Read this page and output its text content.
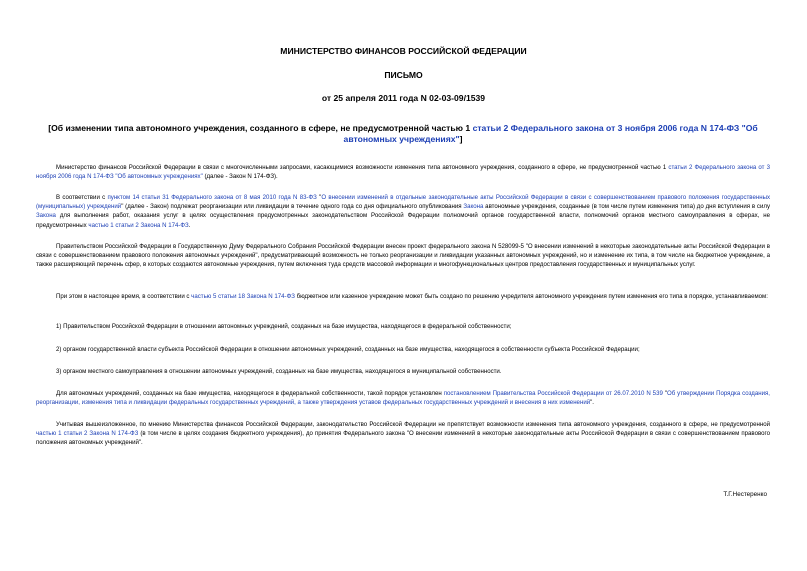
МИНИСТЕРСТВО ФИНАНСОВ РОССИЙСКОЙ ФЕДЕРАЦИИ
ПИСЬМО
от 25 апреля 2011 года N 02-03-09/1539
[Об изменении типа автономного учреждения, созданного в сфере, не предусмотренной частью 1 статьи 2 Федерального закона от 3 ноября 2006 года N 174-ФЗ "Об автономных учреждениях"]
Министерство финансов Российской Федерации в связи с многочисленными запросами, касающимися возможности изменения типа автономного учреждения, созданного в сфере, не предусмотренной частью 1 статьи 2 Федерального закона от 3 ноября 2006 года N 174-ФЗ "Об автономных учреждениях" (далее - Закон N 174-ФЗ).
В соответствии с пунктом 14 статьи 31 Федерального закона от 8 мая 2010 года N 83-ФЗ "О внесении изменений в отдельные законодательные акты Российской Федерации в связи с совершенствованием правового положения государственных (муниципальных) учреждений" (далее - Закон) подлежат реорганизации или ликвидации в течение одного года со дня официального опубликования Закона автономные учреждения, созданные (в том числе путем изменения типа) до дня вступления в силу Закона для выполнения работ, оказания услуг в целях осуществления предусмотренных законодательством Российской Федерации полномочий органов государственной власти, полномочий органов местного самоуправления в сферах, не предусмотренных частью 1 статьи 2 Закона N 174-ФЗ.
Правительством Российской Федерации в Государственную Думу Федерального Собрания Российской Федерации внесен проект федерального закона N 528099-5 "О внесении изменений в некоторые законодательные акты Российской Федерации в связи с совершенствованием правового положения автономных учреждений", предусматривающий возможность не только реорганизации и ликвидации указанных автономных учреждений, но и изменение их типа, в том числе на бюджетное учреждение, а также расширяющий перечень сфер, в которых создаются автономные учреждения, путем включения туда средств массовой информации и многофункциональных центров предоставления государственных и муниципальных услуг.
При этом в настоящее время, в соответствии с частью 5 статьи 18 Закона N 174-ФЗ бюджетное или казенное учреждение может быть создано по решению учредителя автономного учреждения путем изменения его типа в порядке, устанавливаемом:
1) Правительством Российской Федерации в отношении автономных учреждений, созданных на базе имущества, находящегося в федеральной собственности;
2) органом государственной власти субъекта Российской Федерации в отношении автономных учреждений, созданных на базе имущества, находящегося в собственности субъекта Российской Федерации;
3) органом местного самоуправления в отношении автономных учреждений, созданных на базе имущества, находящегося в муниципальной собственности.
Для автономных учреждений, созданных на базе имущества, находящегося в федеральной собственности, такой порядок установлен постановлением Правительства Российской Федерации от 26.07.2010 N 539 "Об утверждении Порядка создания, реорганизации, изменения типа и ликвидации федеральных государственных учреждений, а также утверждения уставов федеральных государственных учреждений и внесения в них изменений".
Учитывая вышеизложенное, по мнению Министерства финансов Российской Федерации, законодательство Российской Федерации не препятствует возможности изменения типа автономного учреждения, созданного в сфере, не предусмотренной частью 1 статьи 2 Закона N 174-ФЗ (в том числе в целях создания бюджетного учреждения), до принятия Федерального закона "О внесении изменений в некоторые законодательные акты Российской Федерации в связи с совершенствованием правового положения автономных учреждений".
Т.Г.Нестеренко
